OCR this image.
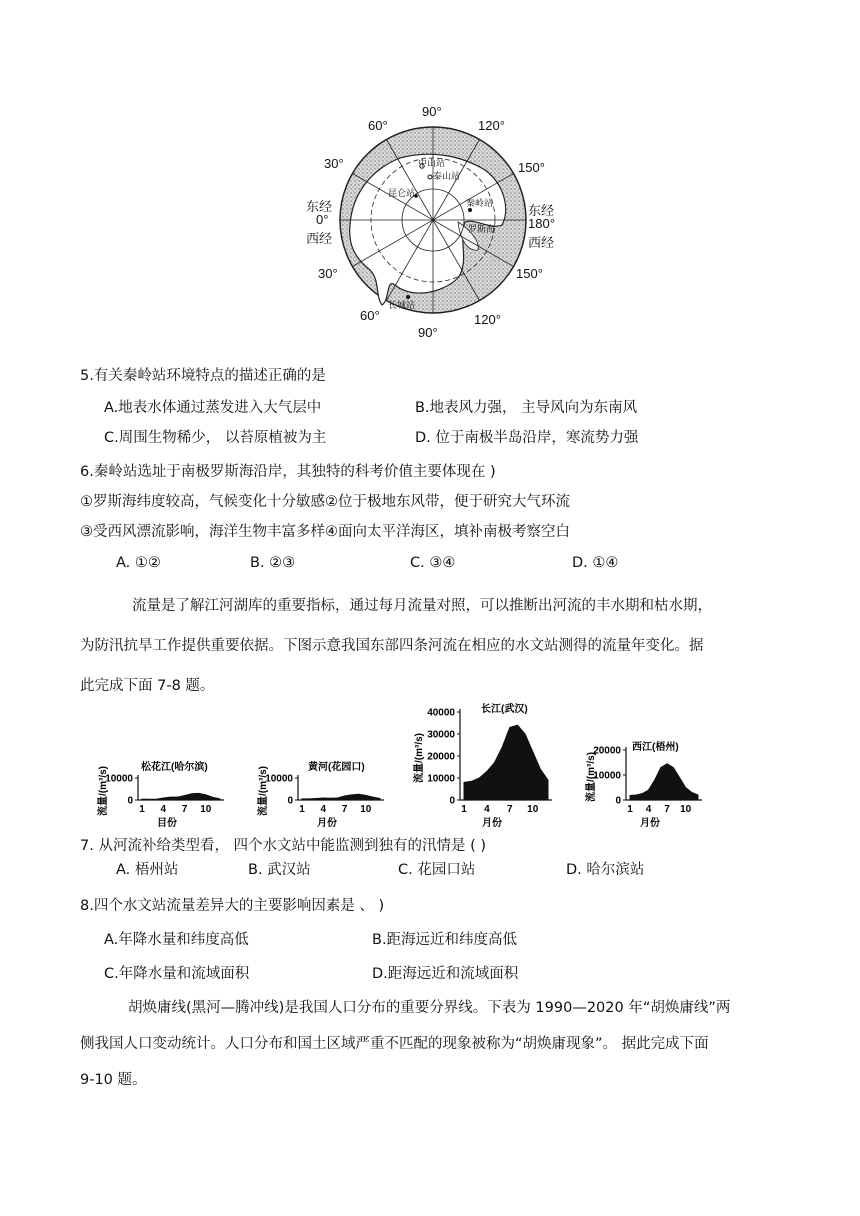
90°
60°	120°
30°	150°
东经
0°
西经
东经
180°
西经
30°	150°
60°
90°
120°
中山站
泰山站
昆仑站
秦岭站
罗斯海
长城站
5.有关秦岭站环境特点的描述正确的是
A.地表水体通过蒸发进入大气层中	B.地表风力强， 主导风向为东南风
C.周围生物稀少， 以苔原植被为主	D. 位于南极半岛沿岸，寒流势力强
6.秦岭站选址于南极罗斯海沿岸，其独特的科考价值主要体现在 )
①罗斯海纬度较高，气候变化十分敏感②位于极地东风带，便于研究大气环流
③受西风漂流影响，海洋生物丰富多样④面向太平洋海区，填补南极考察空白
A. ①②	B. ②③	C. ③④	D. ①④
流量是了解江河湖库的重要指标，通过每月流量对照，可以推断出河流的丰水期和枯水期，
为防汛抗旱工作提供重要依据。下图示意我国东部四条河流在相应的水文站测得的流量年变化。据
此完成下面 7-8 题。
10000
0
1 4 7 10
目份
流量/(m³/s)	松花江(哈尔滨)
10000
0
1 4 7 10
月份
流量/(m³/s)	黄河(花园口)
40000
30000
20000
10000
0
1 4 7 10
月份
流量/(m³/s)
长江(武汉)
20000
10000
0
1 4 7 10
月份
流量/(m³/s)
西江(梧州)
7. 从河流补给类型看， 四个水文站中能监测到独有的汛情是 ( )
A. 梧州站	B. 武汉站	C. 花园口站	D. 哈尔滨站
8.四个水文站流量差异大的主要影响因素是 、 )
A.年降水量和纬度高低	B.距海远近和纬度高低
C.年降水量和流域面积	D.距海远近和流域面积
胡焕庸线(黑河—腾冲线)是我国人口分布的重要分界线。下表为 1990—2020 年“胡焕庸线”两
侧我国人口变动统计。人口分布和国土区域严重不匹配的现象被称为“胡焕庸现象”。 据此完成下面
9-10 题。
